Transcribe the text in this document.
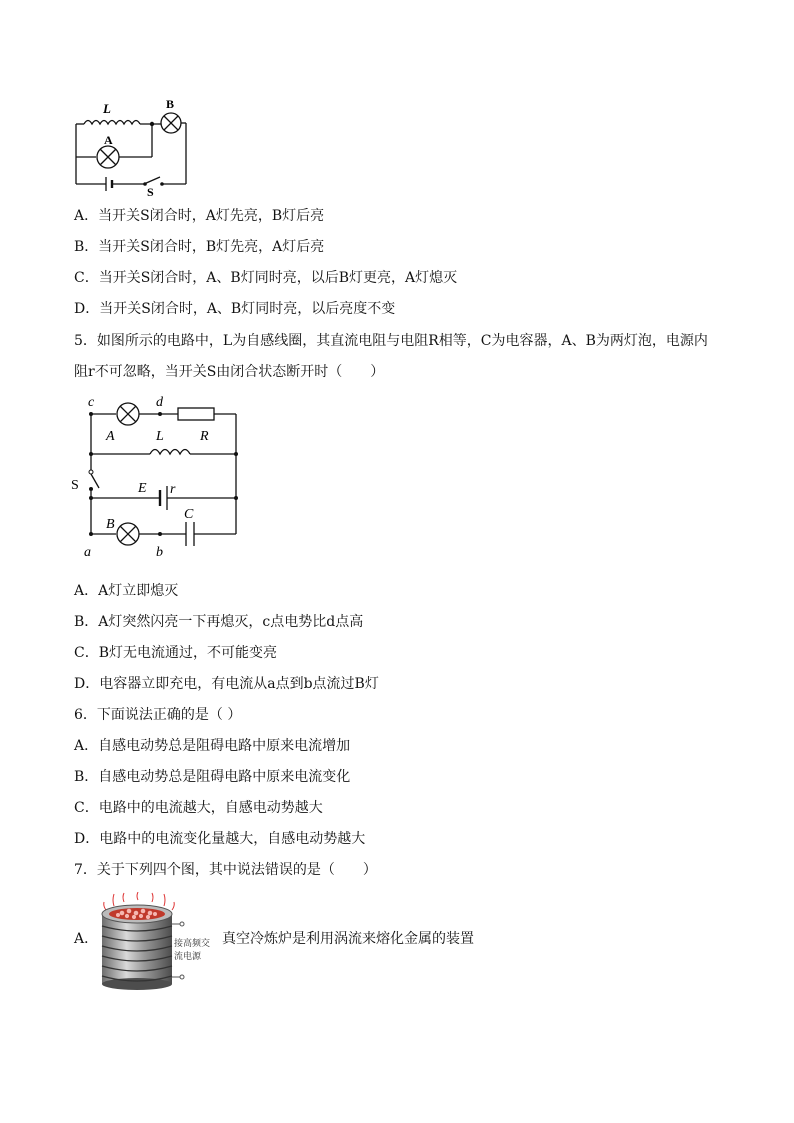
L
A
B
S
A．当开关S闭合时，A灯先亮，B灯后亮
B．当开关S闭合时，B灯先亮，A灯后亮
C．当开关S闭合时，A、B灯同时亮，以后B灯更亮，A灯熄灭
D．当开关S闭合时，A、B灯同时亮，以后亮度不变
5．如图所示的电路中，L为自感线圈，其直流电阻与电阻R相等，C为电容器，A、B为两灯泡，电源内
阻r不可忽略，当开关S由闭合状态断开时（　　）
c	d
A	L	R
S	E r
B
C
a	b
A．A灯立即熄灭
B．A灯突然闪亮一下再熄灭，c点电势比d点高
C．B灯无电流通过，不可能变亮
D．电容器立即充电，有电流从a点到b点流过B灯
6．下面说法正确的是（ ）
A．自感电动势总是阻碍电路中原来电流增加
B．自感电动势总是阻碍电路中原来电流变化
C．电路中的电流越大，自感电动势越大
D．电路中的电流变化量越大，自感电动势越大
7．关于下列四个图，其中说法错误的是（　　）
A．	接高频交
流电源
真空冷炼炉是利用涡流来熔化金属的装置
